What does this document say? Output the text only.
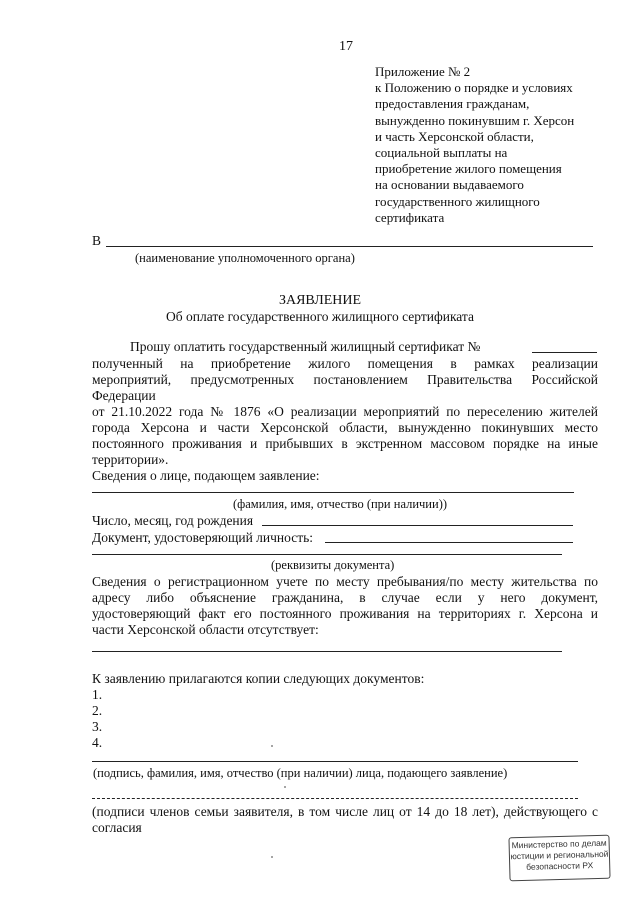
17
Приложение № 2
к Положению о порядке и условиях
предоставления гражданам,
вынужденно покинувшим г. Херсон
и часть Херсонской области,
социальной выплаты на
приобретение жилого помещения
на основании выдаваемого
государственного жилищного
сертификата
В
(наименование уполномоченного органа)
ЗАЯВЛЕНИЕ
Об оплате государственного жилищного сертификата
Прошу оплатить государственный жилищный сертификат №
полученный на приобретение жилого помещения в рамках реализации
мероприятий, предусмотренных постановлением Правительства Российской
Федерации
от 21.10.2022 года № 1876 «О реализации мероприятий по переселению жителей
города Херсона и части Херсонской области, вынужденно покинувших место
постоянного проживания и прибывших в экстренном массовом порядке на иные
территории».
Сведения о лице, подающем заявление:
(фамилия, имя, отчество (при наличии))
Число, месяц, год рождения
Документ, удостоверяющий личность:
(реквизиты документа)
Сведения о регистрационном учете по месту пребывания/по месту жительства по
адресу либо объяснение гражданина, в случае если у него документ,
удостоверяющий факт его постоянного проживания на территориях г. Херсона и
части Херсонской области отсутствует:
К заявлению прилагаются копии следующих документов:
1.
2.
3.
4.
(подпись, фамилия, имя, отчество (при наличии) лица, подающего заявление)
(подписи членов семьи заявителя, в том числе лиц от 14 до 18 лет), действующего с
согласия
Министерство по делам
юстиции и региональной
безопасности РХ
